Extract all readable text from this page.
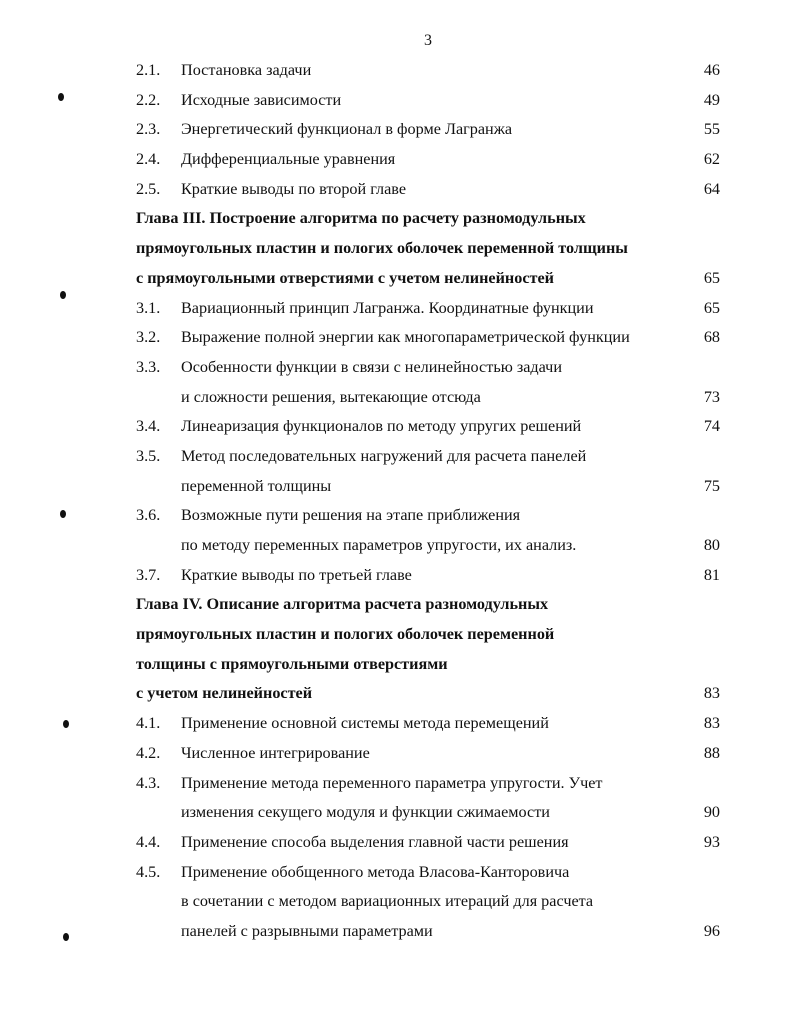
3
2.1. Постановка задачи	46
2.2. Исходные зависимости	49
2.3. Энергетический функционал в форме Лагранжа	55
2.4. Дифференциальные уравнения	62
2.5. Краткие выводы по второй главе	64
Глава III. Построение алгоритма по расчету разномодульных
прямоугольных пластин и пологих оболочек переменной толщины
с прямоугольными отверстиями с учетом нелинейностей	65
3.1. Вариационный принцип Лагранжа. Координатные функции	65
3.2. Выражение полной энергии как многопараметрической функции	68
3.3. Особенности функции в связи с нелинейностью задачи
и сложности решения, вытекающие отсюда	73
3.4. Линеаризация функционалов по методу упругих решений	74
3.5. Метод последовательных нагружений для расчета панелей
переменной толщины	75
3.6. Возможные пути решения на этапе приближения
по методу переменных параметров упругости, их анализ.	80
3.7. Краткие выводы по третьей главе	81
Глава IV. Описание алгоритма расчета разномодульных
прямоугольных пластин и пологих оболочек переменной
толщины с прямоугольными отверстиями
с учетом нелинейностей	83
4.1. Применение основной системы метода перемещений	83
4.2. Численное интегрирование	88
4.3. Применение метода переменного параметра упругости. Учет
изменения секущего модуля и функции сжимаемости	90
4.4. Применение способа выделения главной части решения	93
4.5. Применение обобщенного метода Власова-Канторовича
в сочетании с методом вариационных итераций для расчета
панелей с разрывными параметрами	96
